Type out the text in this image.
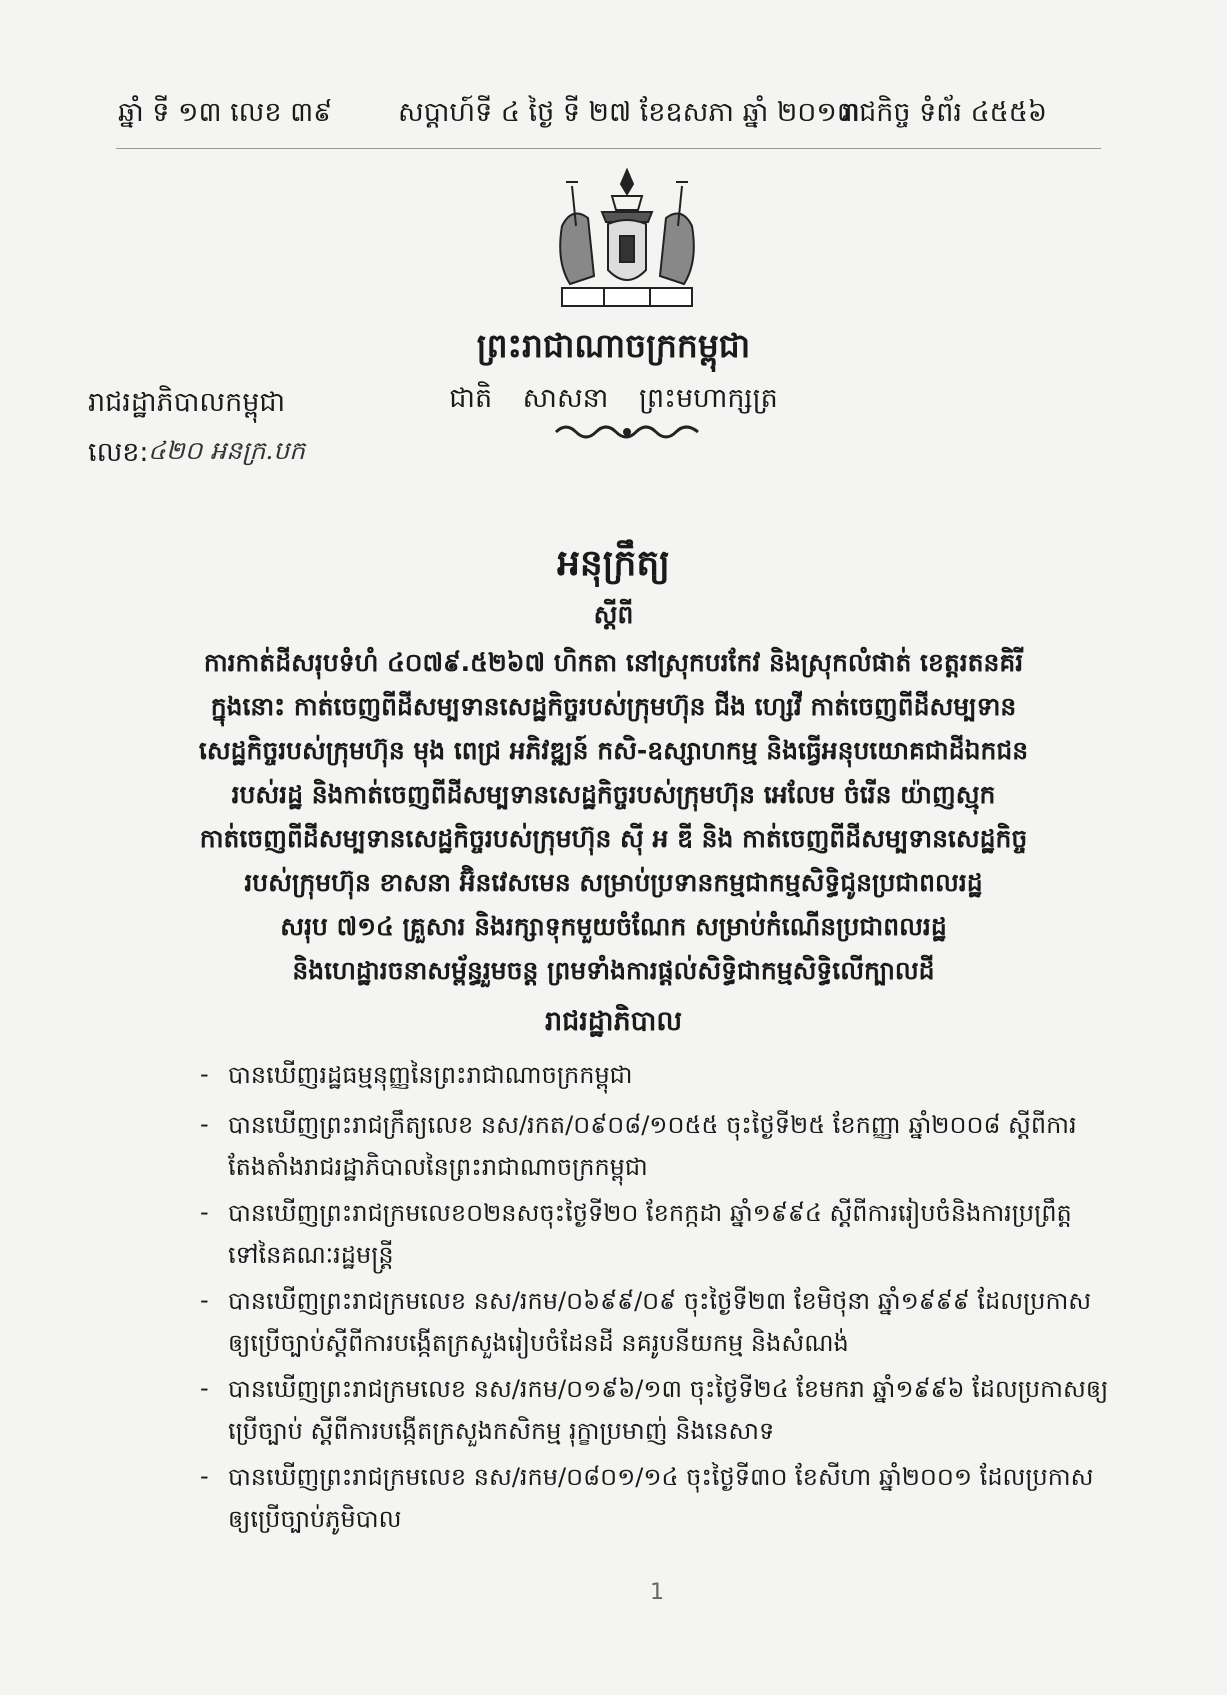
ឆ្នាំ ទី ១៣ លេខ ៣៩ សប្តាហ៍ទី ៤ ថ្ងៃ ទី ២៧ ខែឧសភា ឆ្នាំ ២០១៣
រាជកិច្ច ទំព័រ ៤៥៥៦
ព្រះរាជាណាចក្រកម្ពុជា
ជាតិ សាសនា ព្រះមហាក្សត្រ
រាជរដ្ឋាភិបាលកម្ពុជា
លេខ: ៤២០ អនក្រ.បក
អនុក្រឹត្យ
ស្តីពី
ការកាត់ដីសរុបទំហំ ៤០៧៩.៥២៦៧ ហិកតា នៅស្រុកបរកែវ និងស្រុកលំផាត់ ខេត្តរតនគិរី
ក្នុងនោះ កាត់ចេញពីដីសម្បទានសេដ្ឋកិច្ចរបស់ក្រុមហ៊ុន ជីង ហ្សេវី កាត់ចេញពីដីសម្បទាន
សេដ្ឋកិច្ចរបស់ក្រុមហ៊ុន មុង ពេជ្រ អភិវឌ្ឍន៍ កសិ-ឧស្សាហកម្ម និងធ្វើអនុបយោគជាដីឯកជន
របស់រដ្ឋ និងកាត់ចេញពីដីសម្បទានសេដ្ឋកិច្ចរបស់ក្រុមហ៊ុន អេលែម ចំរើន យ៉ាញស្មុក
កាត់ចេញពីដីសម្បទានសេដ្ឋកិច្ចរបស់ក្រុមហ៊ុន ស៊ី អ ឌី និង កាត់ចេញពីដីសម្បទានសេដ្ឋកិច្ច
របស់ក្រុមហ៊ុន ខាសនា អ៊ិនវេសមេន សម្រាប់ប្រទានកម្មជាកម្មសិទ្ធិជូនប្រជាពលរដ្ឋ
សរុប ៧១៤ គ្រួសារ និងរក្សាទុកមួយចំណែក សម្រាប់កំណើនប្រជាពលរដ្ឋ
និងហេដ្ឋារចនាសម្ព័ន្ធរួមចន្ត ព្រមទាំងការផ្តល់សិទ្ធិជាកម្មសិទ្ធិលើក្បាលដី
រាជរដ្ឋាភិបាល
- បានឃើញរដ្ឋធម្មនុញ្ញនៃព្រះរាជាណាចក្រកម្ពុជា
- បានឃើញព្រះរាជក្រឹត្យលេខ នស/រកត/០៩០៨/១០៥៥ ចុះថ្ងៃទី២៥ ខែកញ្ញា ឆ្នាំ២០០៨ ស្តីពីការ
តែងតាំងរាជរដ្ឋាភិបាលនៃព្រះរាជាណាចក្រកម្ពុជា
- បានឃើញព្រះរាជក្រមលេខ០២នសចុះថ្ងៃទី២០ ខែកក្កដា ឆ្នាំ១៩៩៤ ស្តីពីការរៀបចំនិងការប្រព្រឹត្ត
ទៅនៃគណៈរដ្ឋមន្ត្រី
- បានឃើញព្រះរាជក្រមលេខ នស/រកម/០៦៩៩/០៩ ចុះថ្ងៃទី២៣ ខែមិថុនា ឆ្នាំ១៩៩៩ ដែលប្រកាស
ឲ្យប្រើច្បាប់ស្តីពីការបង្កើតក្រសួងរៀបចំដែនដី នគរូបនីយកម្ម និងសំណង់
- បានឃើញព្រះរាជក្រមលេខ នស/រកម/០១៩៦/១៣ ចុះថ្ងៃទី២៤ ខែមករា ឆ្នាំ១៩៩៦ ដែលប្រកាសឲ្យ
ប្រើច្បាប់ ស្តីពីការបង្កើតក្រសួងកសិកម្ម រុក្ខាប្រមាញ់ និងនេសាទ
- បានឃើញព្រះរាជក្រមលេខ នស/រកម/០៨០១/១៤ ចុះថ្ងៃទី៣០ ខែសីហា ឆ្នាំ២០០១ ដែលប្រកាស
ឲ្យប្រើច្បាប់ភូមិបាល
1
